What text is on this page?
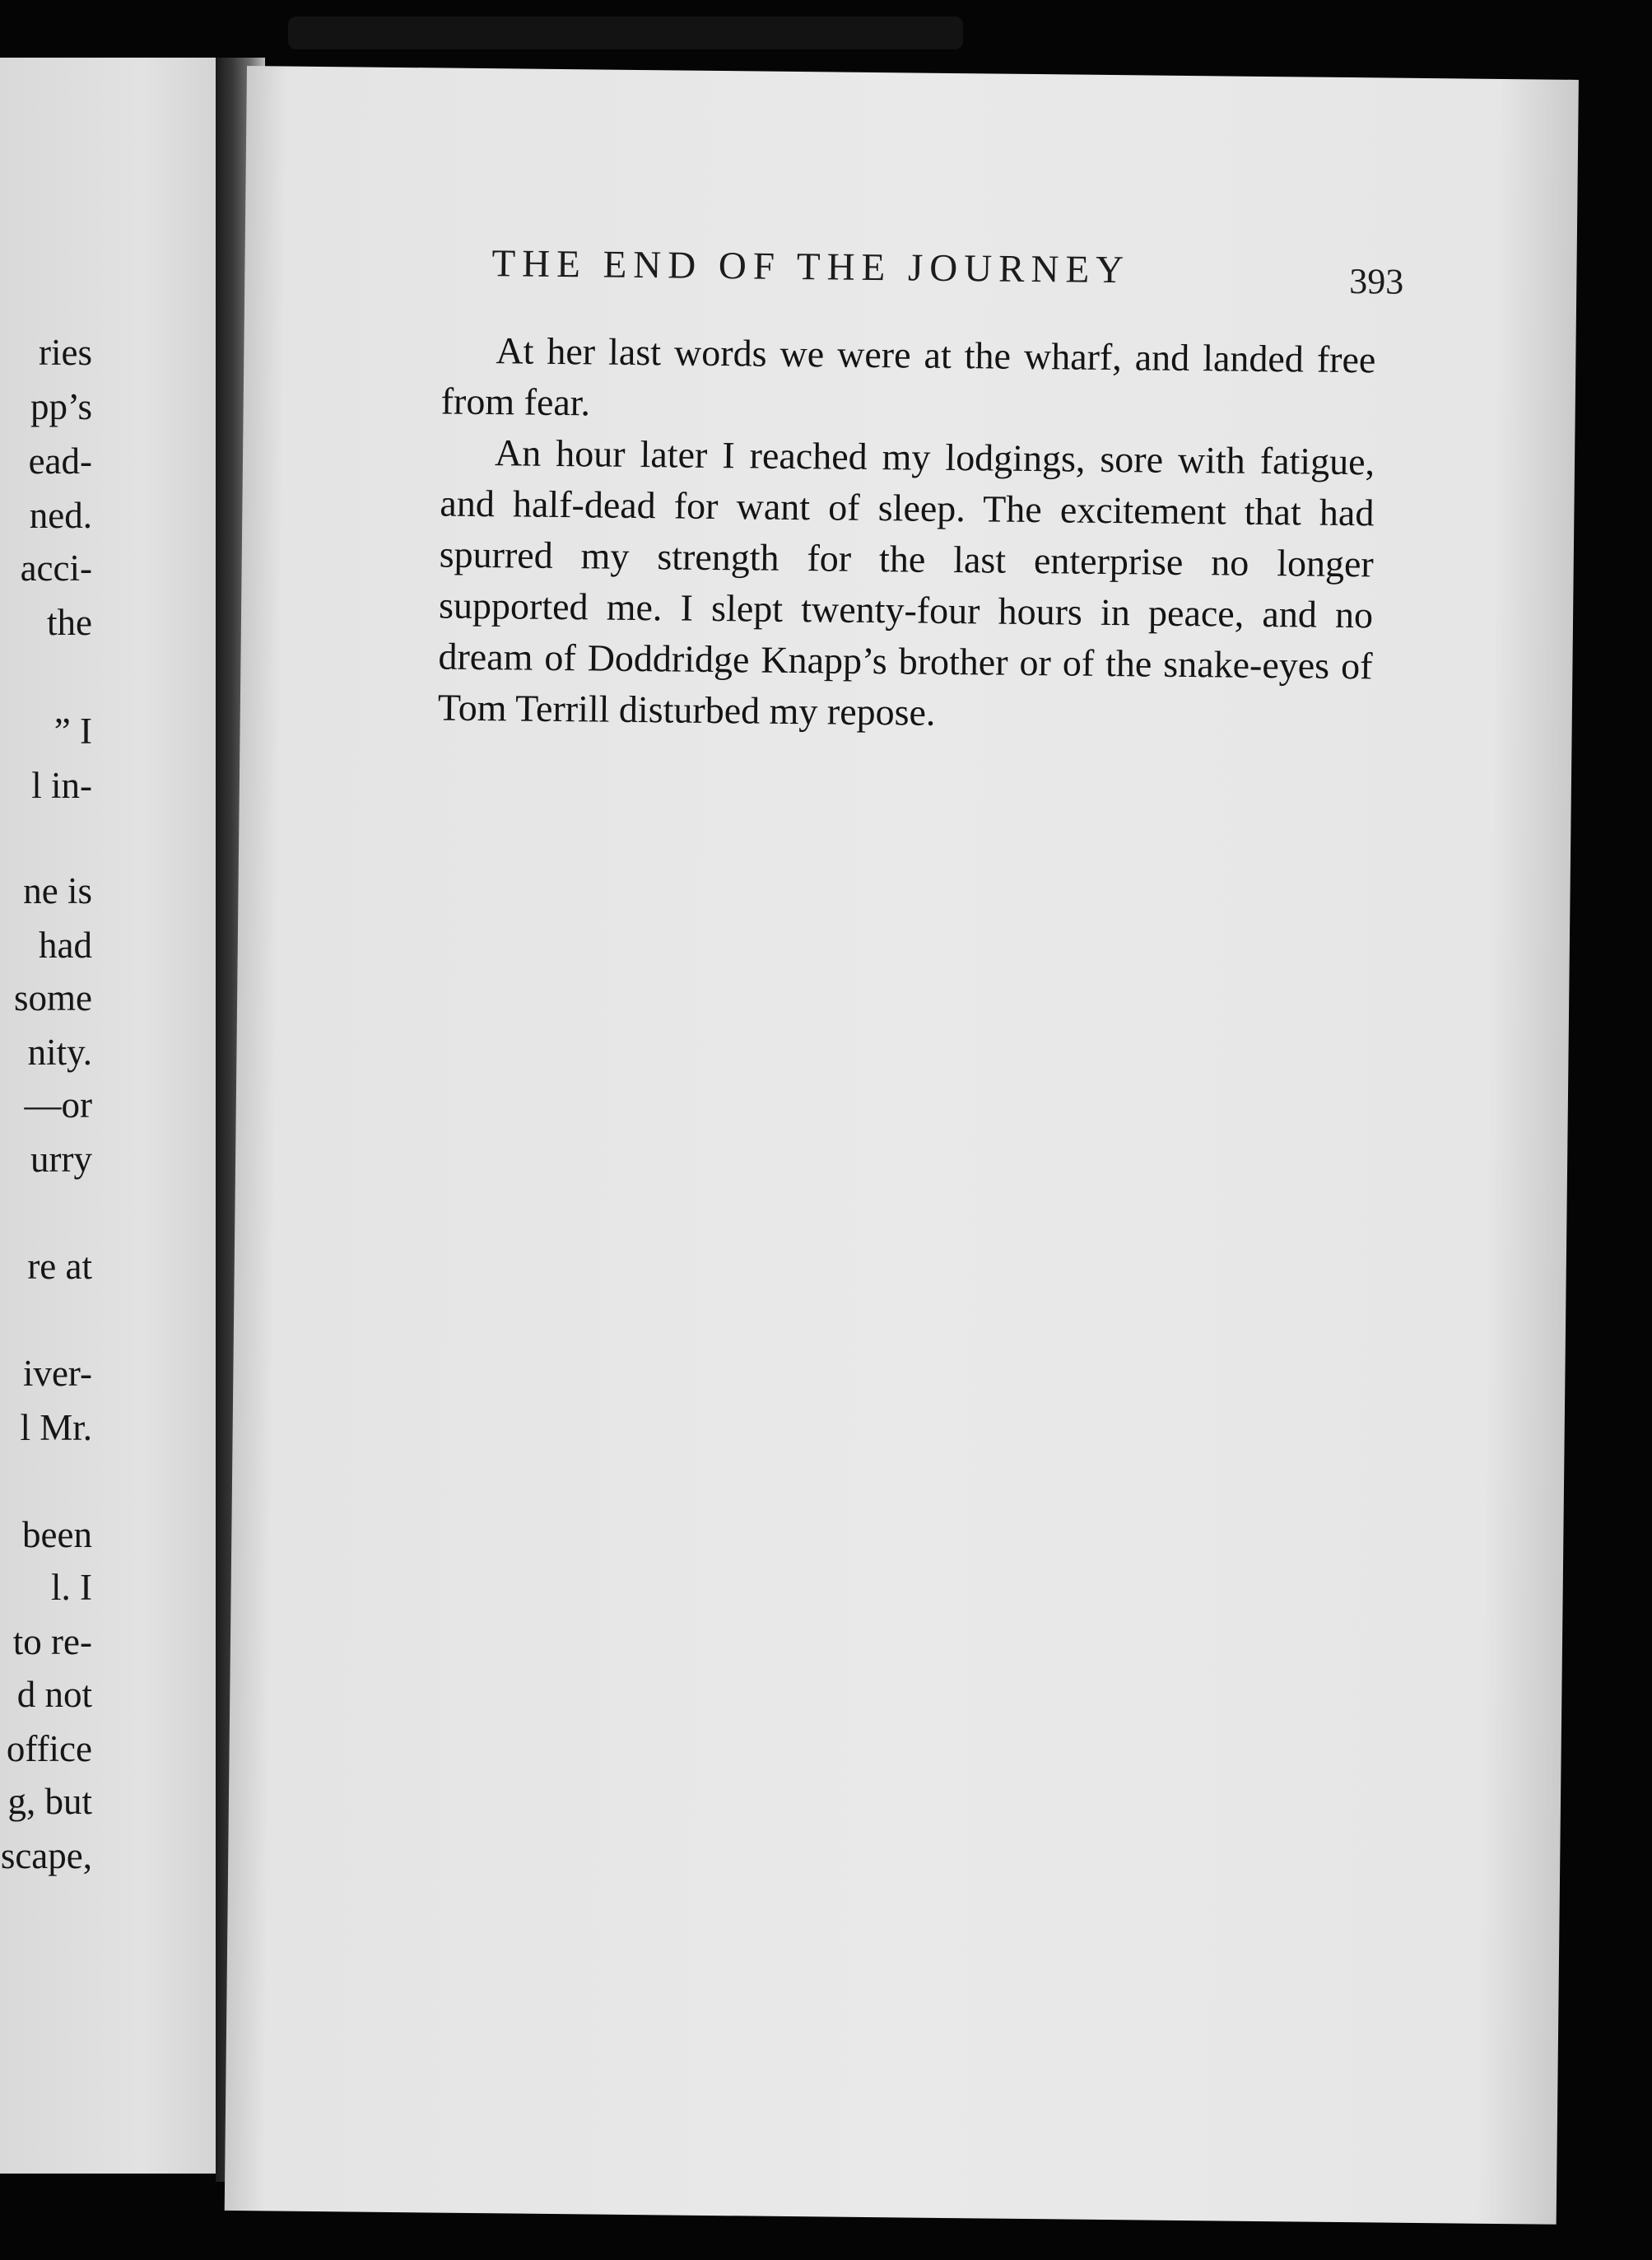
ries
pp’s
ead-
ned.
acci-
the
” I
l in-
ne is
had
some
nity.
—or
urry
re at
iver-
l Mr.
been
l. I
to re-
d not
office
g, but
scape,
THE END OF THE JOURNEY	393

At her last words we were at the wharf, and landed free from fear.

An hour later I reached my lodgings, sore with fatigue, and half-dead for want of sleep. The excitement that had spurred my strength for the last enterprise no longer supported me. I slept twenty-four hours in peace, and no dream of Doddridge Knapp’s brother or of the snake-eyes of Tom Terrill disturbed my repose.
